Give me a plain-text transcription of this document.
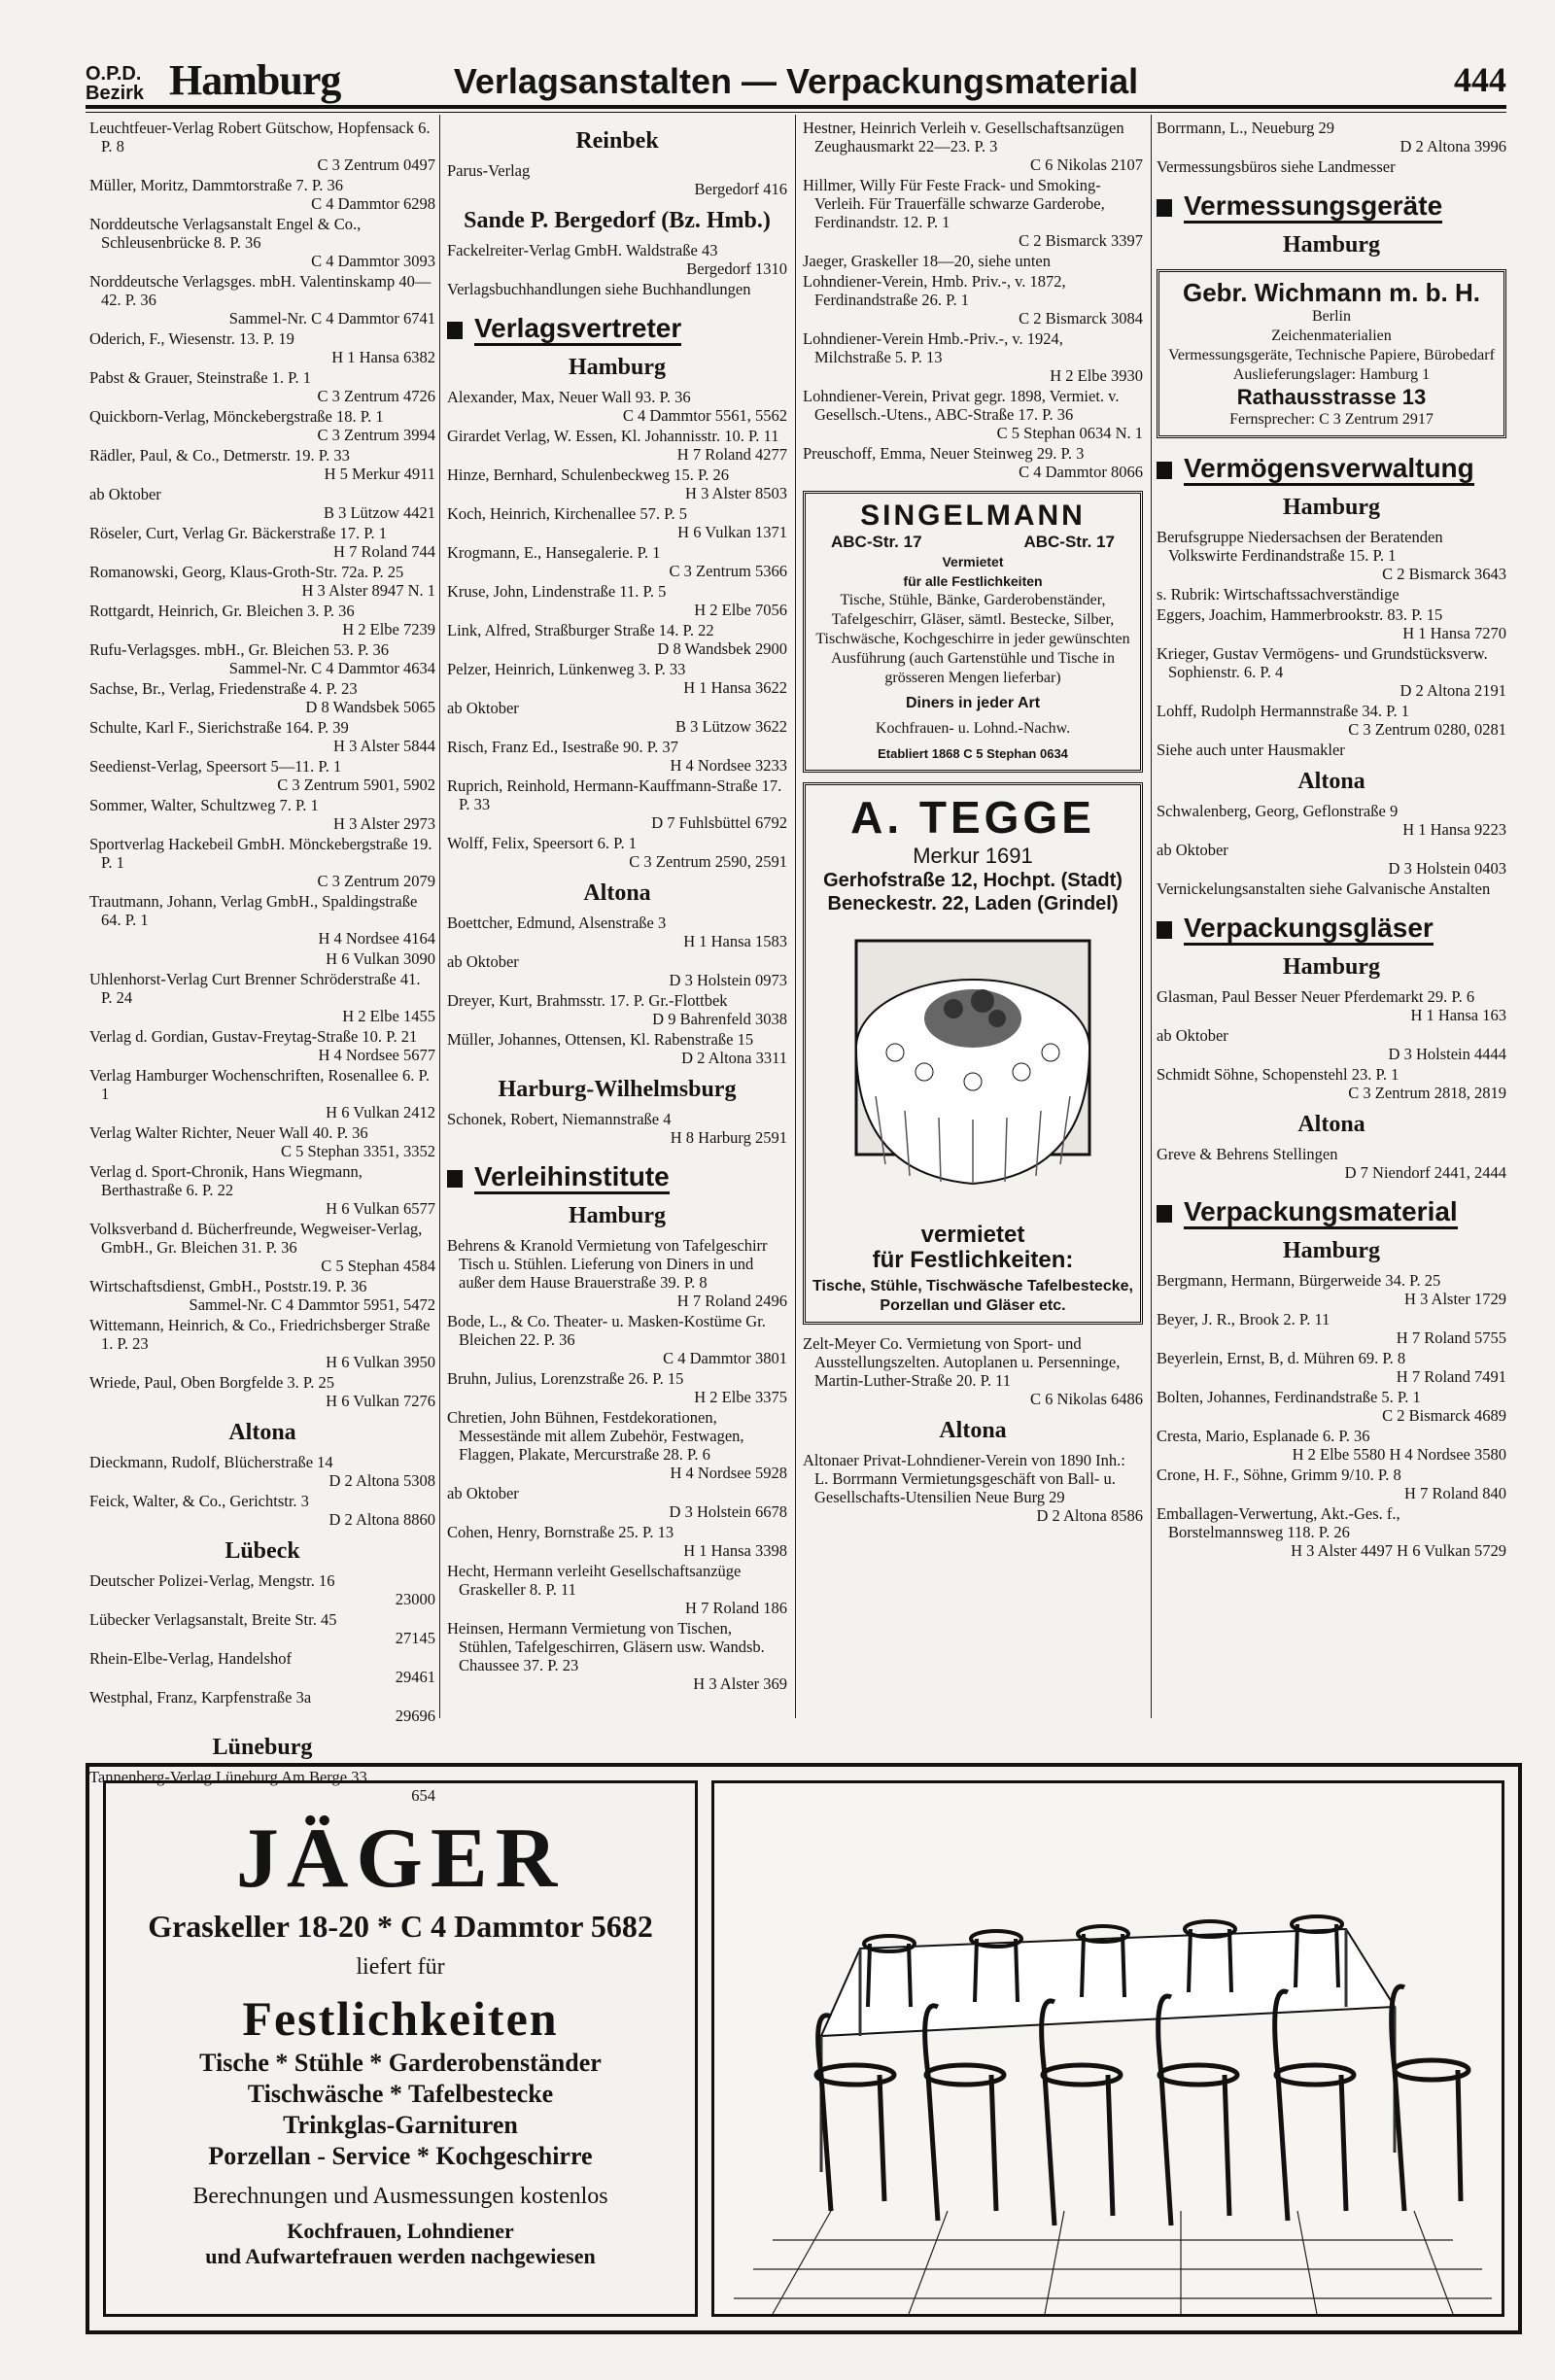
O.P.D.
Bezirk Hamburg	Verlagsanstalten — Verpackungsmaterial	444
Leuchtfeuer-Verlag Robert Gütschow, Hopfensack 6. P. 8
C 3 Zentrum 0497
Müller, Moritz, Dammtorstraße 7. P. 36
C 4 Dammtor 6298
Norddeutsche Verlagsanstalt Engel & Co., Schleusenbrücke 8. P. 36
C 4 Dammtor 3093
Norddeutsche Verlagsges. mbH. Valentinskamp 40—42. P. 36
Sammel-Nr. C 4 Dammtor 6741
Oderich, F., Wiesenstr. 13. P. 19
H 1 Hansa 6382
Pabst & Grauer, Steinstraße 1. P. 1
C 3 Zentrum 4726
Quickborn-Verlag, Mönckebergstraße 18. P. 1
C 3 Zentrum 3994
Rädler, Paul, & Co., Detmerstr. 19. P. 33
H 5 Merkur 4911
ab Oktober
B 3 Lützow 4421
Röseler, Curt, Verlag Gr. Bäckerstraße 17. P. 1
H 7 Roland 744
Romanowski, Georg, Klaus-Groth-Str. 72a. P. 25
H 3 Alster 8947 N. 1
Rottgardt, Heinrich, Gr. Bleichen 3. P. 36
H 2 Elbe 7239
Rufu-Verlagsges. mbH., Gr. Bleichen 53. P. 36
Sammel-Nr. C 4 Dammtor 4634
Sachse, Br., Verlag, Friedenstraße 4. P. 23
D 8 Wandsbek 5065
Schulte, Karl F., Sierichstraße 164. P. 39
H 3 Alster 5844
Seedienst-Verlag, Speersort 5—11. P. 1
C 3 Zentrum 5901, 5902
Sommer, Walter, Schultzweg 7. P. 1
H 3 Alster 2973
Sportverlag Hackebeil GmbH. Mönckebergstraße 19. P. 1
C 3 Zentrum 2079
Trautmann, Johann, Verlag GmbH., Spaldingstraße 64. P. 1
H 4 Nordsee 4164
H 6 Vulkan 3090
Uhlenhorst-Verlag Curt Brenner Schröderstraße 41. P. 24
H 2 Elbe 1455
Verlag d. Gordian, Gustav-Freytag-Straße 10. P. 21
H 4 Nordsee 5677
Verlag Hamburger Wochenschriften, Rosenallee 6. P. 1
H 6 Vulkan 2412
Verlag Walter Richter, Neuer Wall 40. P. 36
C 5 Stephan 3351, 3352
Verlag d. Sport-Chronik, Hans Wiegmann, Berthastraße 6. P. 22
H 6 Vulkan 6577
Volksverband d. Bücherfreunde, Wegweiser-Verlag, GmbH., Gr. Bleichen 31. P. 36
C 5 Stephan 4584
Wirtschaftsdienst, GmbH., Poststr.19. P. 36
Sammel-Nr. C 4 Dammtor 5951, 5472
Wittemann, Heinrich, & Co., Friedrichsberger Straße 1. P. 23
H 6 Vulkan 3950
Wriede, Paul, Oben Borgfelde 3. P. 25
H 6 Vulkan 7276
Altona
Dieckmann, Rudolf, Blücherstraße 14
D 2 Altona 5308
Feick, Walter, & Co., Gerichtstr. 3
D 2 Altona 8860
Lübeck
Deutscher Polizei-Verlag, Mengstr. 16
23000
Lübecker Verlagsanstalt, Breite Str. 45
27145
Rhein-Elbe-Verlag, Handelshof
29461
Westphal, Franz, Karpfenstraße 3a
29696
Lüneburg
Tannenberg-Verlag Lüneburg Am Berge 33
654
Reinbek
Parus-Verlag
Bergedorf 416
Sande P. Bergedorf (Bz. Hmb.)
Fackelreiter-Verlag GmbH. Waldstraße 43
Bergedorf 1310
Verlagsbuchhandlungen siehe Buchhandlungen
Verlagsvertreter
Hamburg
Alexander, Max, Neuer Wall 93. P. 36
C 4 Dammtor 5561, 5562
Girardet Verlag, W. Essen, Kl. Johannisstr. 10. P. 11
H 7 Roland 4277
Hinze, Bernhard, Schulenbeckweg 15. P. 26
H 3 Alster 8503
Koch, Heinrich, Kirchenallee 57. P. 5
H 6 Vulkan 1371
Krogmann, E., Hansegalerie. P. 1
C 3 Zentrum 5366
Kruse, John, Lindenstraße 11. P. 5
H 2 Elbe 7056
Link, Alfred, Straßburger Straße 14. P. 22
D 8 Wandsbek 2900
Pelzer, Heinrich, Lünkenweg 3. P. 33
H 1 Hansa 3622
ab Oktober
B 3 Lützow 3622
Risch, Franz Ed., Isestraße 90. P. 37
H 4 Nordsee 3233
Ruprich, Reinhold, Hermann-Kauffmann-Straße 17. P. 33
D 7 Fuhlsbüttel 6792
Wolff, Felix, Speersort 6. P. 1
C 3 Zentrum 2590, 2591
Altona
Boettcher, Edmund, Alsenstraße 3
H 1 Hansa 1583
ab Oktober
D 3 Holstein 0973
Dreyer, Kurt, Brahmsstr. 17. P. Gr.-Flottbek
D 9 Bahrenfeld 3038
Müller, Johannes, Ottensen, Kl. Rabenstraße 15
D 2 Altona 3311
Harburg-Wilhelmsburg
Schonek, Robert, Niemannstraße 4
H 8 Harburg 2591
Verleihinstitute
Hamburg
Behrens & Kranold Vermietung von Tafelgeschirr Tisch u. Stühlen. Lieferung von Diners in und außer dem Hause Brauerstraße 39. P. 8
H 7 Roland 2496
Bode, L., & Co. Theater- u. Masken-Kostüme Gr. Bleichen 22. P. 36
C 4 Dammtor 3801
Bruhn, Julius, Lorenzstraße 26. P. 15
H 2 Elbe 3375
Chretien, John Bühnen, Festdekorationen, Messestände mit allem Zubehör, Festwagen, Flaggen, Plakate, Mercurstraße 28. P. 6
H 4 Nordsee 5928
ab Oktober
D 3 Holstein 6678
Cohen, Henry, Bornstraße 25. P. 13
H 1 Hansa 3398
Hecht, Hermann verleiht Gesellschaftsanzüge Graskeller 8. P. 11
H 7 Roland 186
Heinsen, Hermann Vermietung von Tischen, Stühlen, Tafelgeschirren, Gläsern usw. Wandsb. Chaussee 37. P. 23
H 3 Alster 369
Hestner, Heinrich Verleih v. Gesellschaftsanzügen Zeughausmarkt 22—23. P. 3
C 6 Nikolas 2107
Hillmer, Willy Für Feste Frack- und Smoking-Verleih. Für Trauerfälle schwarze Garderobe, Ferdinandstr. 12. P. 1
C 2 Bismarck 3397
Jaeger, Graskeller 18—20, siehe unten
Lohndiener-Verein, Hmb. Priv.-, v. 1872, Ferdinandstraße 26. P. 1
C 2 Bismarck 3084
Lohndiener-Verein Hmb.-Priv.-, v. 1924, Milchstraße 5. P. 13
H 2 Elbe 3930
Lohndiener-Verein, Privat gegr. 1898, Vermiet. v. Gesellsch.-Utens., ABC-Straße 17. P. 36
C 5 Stephan 0634 N. 1
Preuschoff, Emma, Neuer Steinweg 29. P. 3
C 4 Dammtor 8066
SINGELMANN
ABC-Str. 17	ABC-Str. 17
Vermietet
für alle Festlichkeiten
Tische, Stühle, Bänke, Garderobenständer, Tafelgeschirr, Gläser, sämtl. Bestecke, Silber, Tischwäsche, Kochgeschirre in jeder gewünschten Ausführung (auch Gartenstühle und Tische in grösseren Mengen lieferbar)
Diners in jeder Art
Kochfrauen- u. Lohnd.-Nachw.
Etabliert 1868 C 5 Stephan 0634
A. TEGGE
Merkur 1691
Gerhofstraße 12, Hochpt. (Stadt)
Beneckestr. 22, Laden (Grindel)
vermietet
für Festlichkeiten:
Tische, Stühle, Tischwäsche Tafelbestecke, Porzellan und Gläser etc.
Zelt-Meyer Co. Vermietung von Sport- und Ausstellungszelten. Autoplanen u. Persenninge, Martin-Luther-Straße 20. P. 11
C 6 Nikolas 6486
Altona
Altonaer Privat-Lohndiener-Verein von 1890 Inh.: L. Borrmann Vermietungsgeschäft von Ball- u. Gesellschafts-Utensilien Neue Burg 29
D 2 Altona 8586
Borrmann, L., Neueburg 29
D 2 Altona 3996
Vermessungsbüros siehe Landmesser
Vermessungsgeräte
Hamburg
Gebr. Wichmann m. b. H.
Berlin
Zeichenmaterialien
Vermessungsgeräte, Technische Papiere, Bürobedarf
Auslieferungslager: Hamburg 1
Rathausstrasse 13
Fernsprecher: C 3 Zentrum 2917
Vermögensverwaltung
Hamburg
Berufsgruppe Niedersachsen der Beratenden Volkswirte Ferdinandstraße 15. P. 1
C 2 Bismarck 3643
s. Rubrik: Wirtschaftssachverständige
Eggers, Joachim, Hammerbrookstr. 83. P. 15
H 1 Hansa 7270
Krieger, Gustav Vermögens- und Grundstücksverw. Sophienstr. 6. P. 4
D 2 Altona 2191
Lohff, Rudolph Hermannstraße 34. P. 1
C 3 Zentrum 0280, 0281
Siehe auch unter Hausmakler
Altona
Schwalenberg, Georg, Geflonstraße 9
H 1 Hansa 9223
ab Oktober
D 3 Holstein 0403
Vernickelungsanstalten siehe Galvanische Anstalten
Verpackungsgläser
Hamburg
Glasman, Paul Besser Neuer Pferdemarkt 29. P. 6
H 1 Hansa 163
ab Oktober
D 3 Holstein 4444
Schmidt Söhne, Schopenstehl 23. P. 1
C 3 Zentrum 2818, 2819
Altona
Greve & Behrens Stellingen
D 7 Niendorf 2441, 2444
Verpackungsmaterial
Hamburg
Bergmann, Hermann, Bürgerweide 34. P. 25
H 3 Alster 1729
Beyer, J. R., Brook 2. P. 11
H 7 Roland 5755
Beyerlein, Ernst, B, d. Mühren 69. P. 8
H 7 Roland 7491
Bolten, Johannes, Ferdinandstraße 5. P. 1
C 2 Bismarck 4689
Cresta, Mario, Esplanade 6. P. 36
H 2 Elbe 5580 H 4 Nordsee 3580
Crone, H. F., Söhne, Grimm 9/10. P. 8
H 7 Roland 840
Emballagen-Verwertung, Akt.-Ges. f., Borstelmannsweg 118. P. 26
H 3 Alster 4497 H 6 Vulkan 5729
JÄGER
Graskeller 18-20 * C 4 Dammtor 5682
liefert für
Festlichkeiten
Tische * Stühle * Garderobenständer
Tischwäsche * Tafelbestecke
Trinkglas-Garnituren
Porzellan - Service * Kochgeschirre
Berechnungen und Ausmessungen kostenlos
Kochfrauen, Lohndiener
und Aufwartefrauen werden nachgewiesen
